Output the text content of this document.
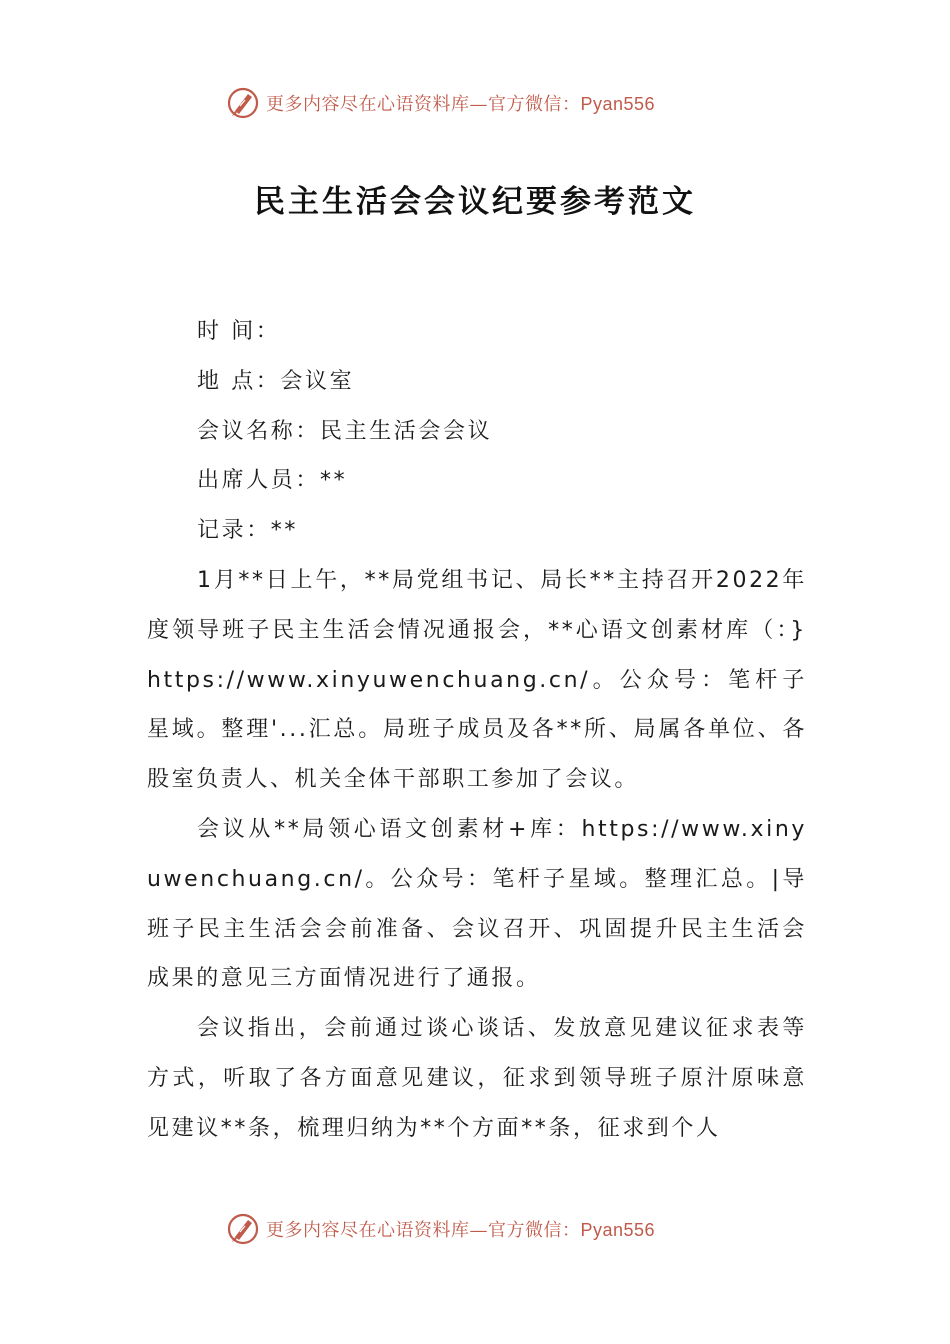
更多内容尽在心语资料库—官方微信：Pyan556
民主生活会会议纪要参考范文

时 间：

地 点：会议室

会议名称：民主生活会会议

出席人员：**

记录：**

1月**日上午，**局党组书记、局长**主持召开2022年度领导班子民主生活会情况通报会，**心语文创素材库（：}https://www.xinyuwenchuang.cn/。公众号：笔杆子星域。整理'...汇总。局班子成员及各**所、局属各单位、各股室负责人、机关全体干部职工参加了会议。

会议从**局领心语文创素材+库：https://www.xinyuwenchuang.cn/。公众号：笔杆子星域。整理汇总。|导班子民主生活会会前准备、会议召开、巩固提升民主生活会成果的意见三方面情况进行了通报。

会议指出，会前通过谈心谈话、发放意见建议征求表等方式，听取了各方面意见建议，征求到领导班子原汁原味意见建议**条，梳理归纳为**个方面**条，征求到个人

更多内容尽在心语资料库—官方微信：Pyan556
